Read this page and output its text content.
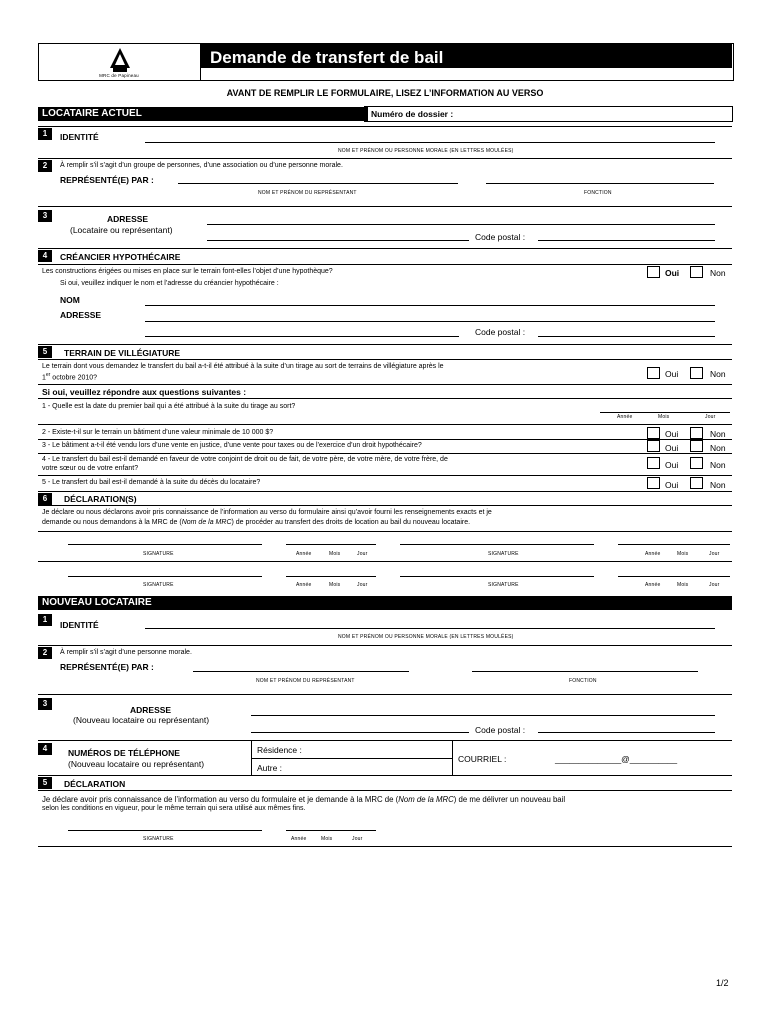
MRC de Papineau
Demande de transfert de bail
AVANT DE REMPLIR LE FORMULAIRE, LISEZ L’INFORMATION AU VERSO
LOCATAIRE ACTUEL	Numéro de dossier :
1	IDENTITÉ
NOM ET PRÉNOM OU PERSONNE MORALE (EN LETTRES MOULÉES)
2	À remplir s’il s’agit d’un groupe de personnes, d’une association ou d’une personne morale.
REPRÉSENTÉ(E) PAR :
NOM ET PRÉNOM DU REPRÉSENTANT	FONCTION
3	ADRESSE
(Locataire ou représentant)
Code postal :
4	CRÉANCIER HYPOTHÉCAIRE
Les constructions érigées ou mises en place sur le terrain font-elles l’objet d’une hypothèque?	Oui	Non
Si oui, veuillez indiquer le nom et l’adresse du créancier hypothécaire :
NOM
ADRESSE
Code postal :
5	TERRAIN DE VILLÉGIATURE
Le terrain dont vous demandez le transfert du bail a-t-il été attribué à la suite d’un tirage au sort de terrains de villégiature après le
1er octobre 2010?	Oui	Non
Si oui, veuillez répondre aux questions suivantes :
1 - Quelle est la date du premier bail qui a été attribué à la suite du tirage au sort?
Année	Mois	Jour
2 - Existe-t-il sur le terrain un bâtiment d’une valeur minimale de 10 000 $?	Oui	Non
3 - Le bâtiment a-t-il été vendu lors d’une vente en justice, d’une vente pour taxes ou de l’exercice d’un droit hypothécaire?	Oui	Non
4 - Le transfert du bail est-il demandé en faveur de votre conjoint de droit ou de fait, de votre père, de votre mère, de votre frère, de
votre sœur ou de votre enfant?	Oui	Non
5 - Le transfert du bail est-il demandé à la suite du décès du locataire?	Oui	Non
6	DÉCLARATION(S)
Je déclare ou nous déclarons avoir pris connaissance de l’information au verso du formulaire ainsi qu’avoir fourni les renseignements exacts et je
demande ou nous demandons à la MRC de (Nom de la MRC) de procéder au transfert des droits de location au bail du nouveau locataire.
SIGNATURE	Année	Mois	Jour	SIGNATURE	Année	Mois	Jour
SIGNATURE	Année	Mois	Jour	SIGNATURE	Année	Mois	Jour
NOUVEAU LOCATAIRE
1
IDENTITÉ
NOM ET PRÉNOM OU PERSONNE MORALE (EN LETTRES MOULÉES)
2	À remplir s’il s’agit d’une personne morale.
REPRÉSENTÉ(E) PAR :
NOM ET PRÉNOM DU REPRÉSENTANT	FONCTION
3
ADRESSE
(Nouveau locataire ou représentant)
Code postal :
4	NUMÉROS DE TÉLÉPHONE
(Nouveau locataire ou représentant)
Résidence :
Autre :
COURRIEL :	______________@__________
5	DÉCLARATION
Je déclare avoir pris connaissance de l’information au verso du formulaire et je demande à la MRC de (Nom de la MRC) de me délivrer un nouveau bail
selon les conditions en vigueur, pour le même terrain qui sera utilisé aux mêmes fins.
SIGNATURE	Année	Mois	Jour
1/2
